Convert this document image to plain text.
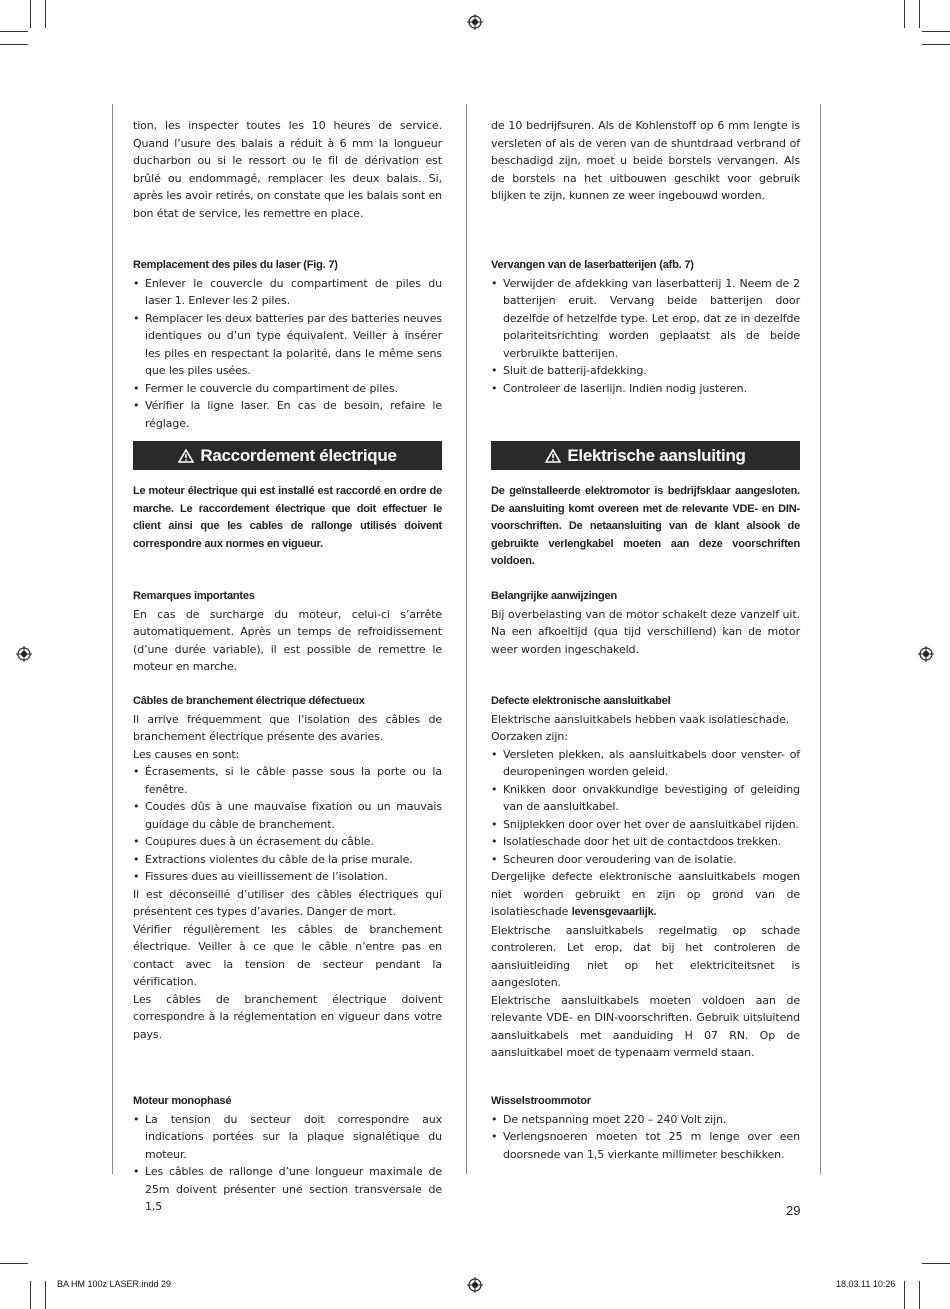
tion, les inspecter toutes les 10 heures de service. Quand l’usure des balais a réduit à 6 mm la longueur ducharbon ou si le ressort ou le fil de dérivation est brûlé ou endommagé, remplacer les deux balais. Si, après les avoir retirés, on constate que les balais sont en bon état de service, les remettre en place.

Remplacement des piles du laser (Fig. 7)
• Enlever le couvercle du compartiment de piles du laser 1. Enlever les 2 piles.
• Remplacer les deux batteries par des batteries neuves identiques ou d’un type équivalent. Veiller à insérer les piles en respectant la polarité, dans le même sens que les piles usées.
• Fermer le couvercle du compartiment de piles.
• Vérifier la ligne laser. En cas de besoin, refaire le réglage.
Raccordement électrique

Le moteur électrique qui est installé est raccordé en ordre de marche. Le raccordement électrique que doit effectuer le client ainsi que les cables de rallonge utilisés doivent correspondre aux normes en vigueur.

Remarques importantes

En cas de surcharge du moteur, celui-ci s’arrête automatiquement. Après un temps de refroidissement (d’une durée variable), il est possible de remettre le moteur en marche.

Câbles de branchement électrique défectueux

Il arrive fréquemment que l’isolation des câbles de branchement électrique présente des avaries.

Les causes en sont:

• Écrasements, si le câble passe sous la porte ou la fenêtre.
• Coudes dûs à une mauvaise fixation ou un mauvais guidage du câble de branchement.
• Coupures dues à un écrasement du câble.
• Extractions violentes du câble de la prise murale.
• Fissures dues au vieillissement de l’isolation.

Il est déconseillé d’utiliser des câbles électriques qui présentent ces types d’avaries. Danger de mort.

Vérifier régulièrement les câbles de branchement électrique. Veiller à ce que le câble n’entre pas en contact avec la tension de secteur pendant la vérification.

Les câbles de branchement électrique doivent correspondre à la réglementation en vigueur dans votre pays.

Moteur monophasé
• La tension du secteur doit correspondre aux indications portées sur la plaque signalétique du moteur.
• Les câbles de rallonge d’une longueur maximale de 25m doivent présenter une section transversale de 1,5

de 10 bedrijfsuren. Als de Kohlenstoff op 6 mm lengte is versleten of als de veren van de shuntdraad verbrand of beschadigd zijn, moet u beide borstels vervangen. Als de borstels na het uitbouwen geschikt voor gebruik blijken te zijn, kunnen ze weer ingebouwd worden.

Vervangen van de laserbatterijen (afb. 7)
• Verwijder de afdekking van laserbatterij 1. Neem de 2 batterijen eruit. Vervang beide batterijen door dezelfde of hetzelfde type. Let erop, dat ze in dezelfde polariteitsrichting worden geplaatst als de beide verbruikte batterijen.
• Sluit de batterij-afdekking.
• Controleer de laserlijn. Indien nodig justeren.
Elektrische aansluiting

De geïnstalleerde elektromotor is bedrijfsklaar aangesloten. De aansluiting komt overeen met de relevante VDE- en DIN-voorschriften. De netaansluiting van de klant alsook de gebruikte verlengkabel moeten aan deze voorschriften voldoen.

Belangrijke aanwijzingen

Bij overbelasting van de motor schakelt deze vanzelf uit. Na een afkoeltijd (qua tijd verschillend) kan de motor weer worden ingeschakeld.

Defecte elektronische aansluitkabel

Elektrische aansluitkabels hebben vaak isolatieschade.

Oorzaken zijn:

• Versleten plekken, als aansluitkabels door venster- of deuropeningen worden geleid.
• Knikken door onvakkundige bevestiging of geleiding van de aansluitkabel.
• Snijplekken door over het over de aansluitkabel rijden.
• Isolatieschade door het uit de contactdoos trekken.
• Scheuren door veroudering van de isolatie.

Dergelijke defecte elektronische aansluitkabels mogen niet worden gebruikt en zijn op grond van de isolatieschade levensgevaarlijk.

Elektrische aansluitkabels regelmatig op schade controleren. Let erop, dat bij het controleren de aansluitleiding niet op het elektriciteitsnet is aangesloten.

Elektrische aansluitkabels moeten voldoen aan de relevante VDE- en DIN-voorschriften. Gebruik uitsluitend aansluitkabels met aanduiding H 07 RN. Op de aansluitkabel moet de typenaam vermeld staan.

Wisselstroommotor
• De netspanning moet 220 – 240 Volt zijn.
• Verlengsnoeren moeten tot 25 m lenge over een doorsnede van 1,5 vierkante millimeter beschikken.
29
BA HM 100z LASER.indd 29	18.03.11 10:26
